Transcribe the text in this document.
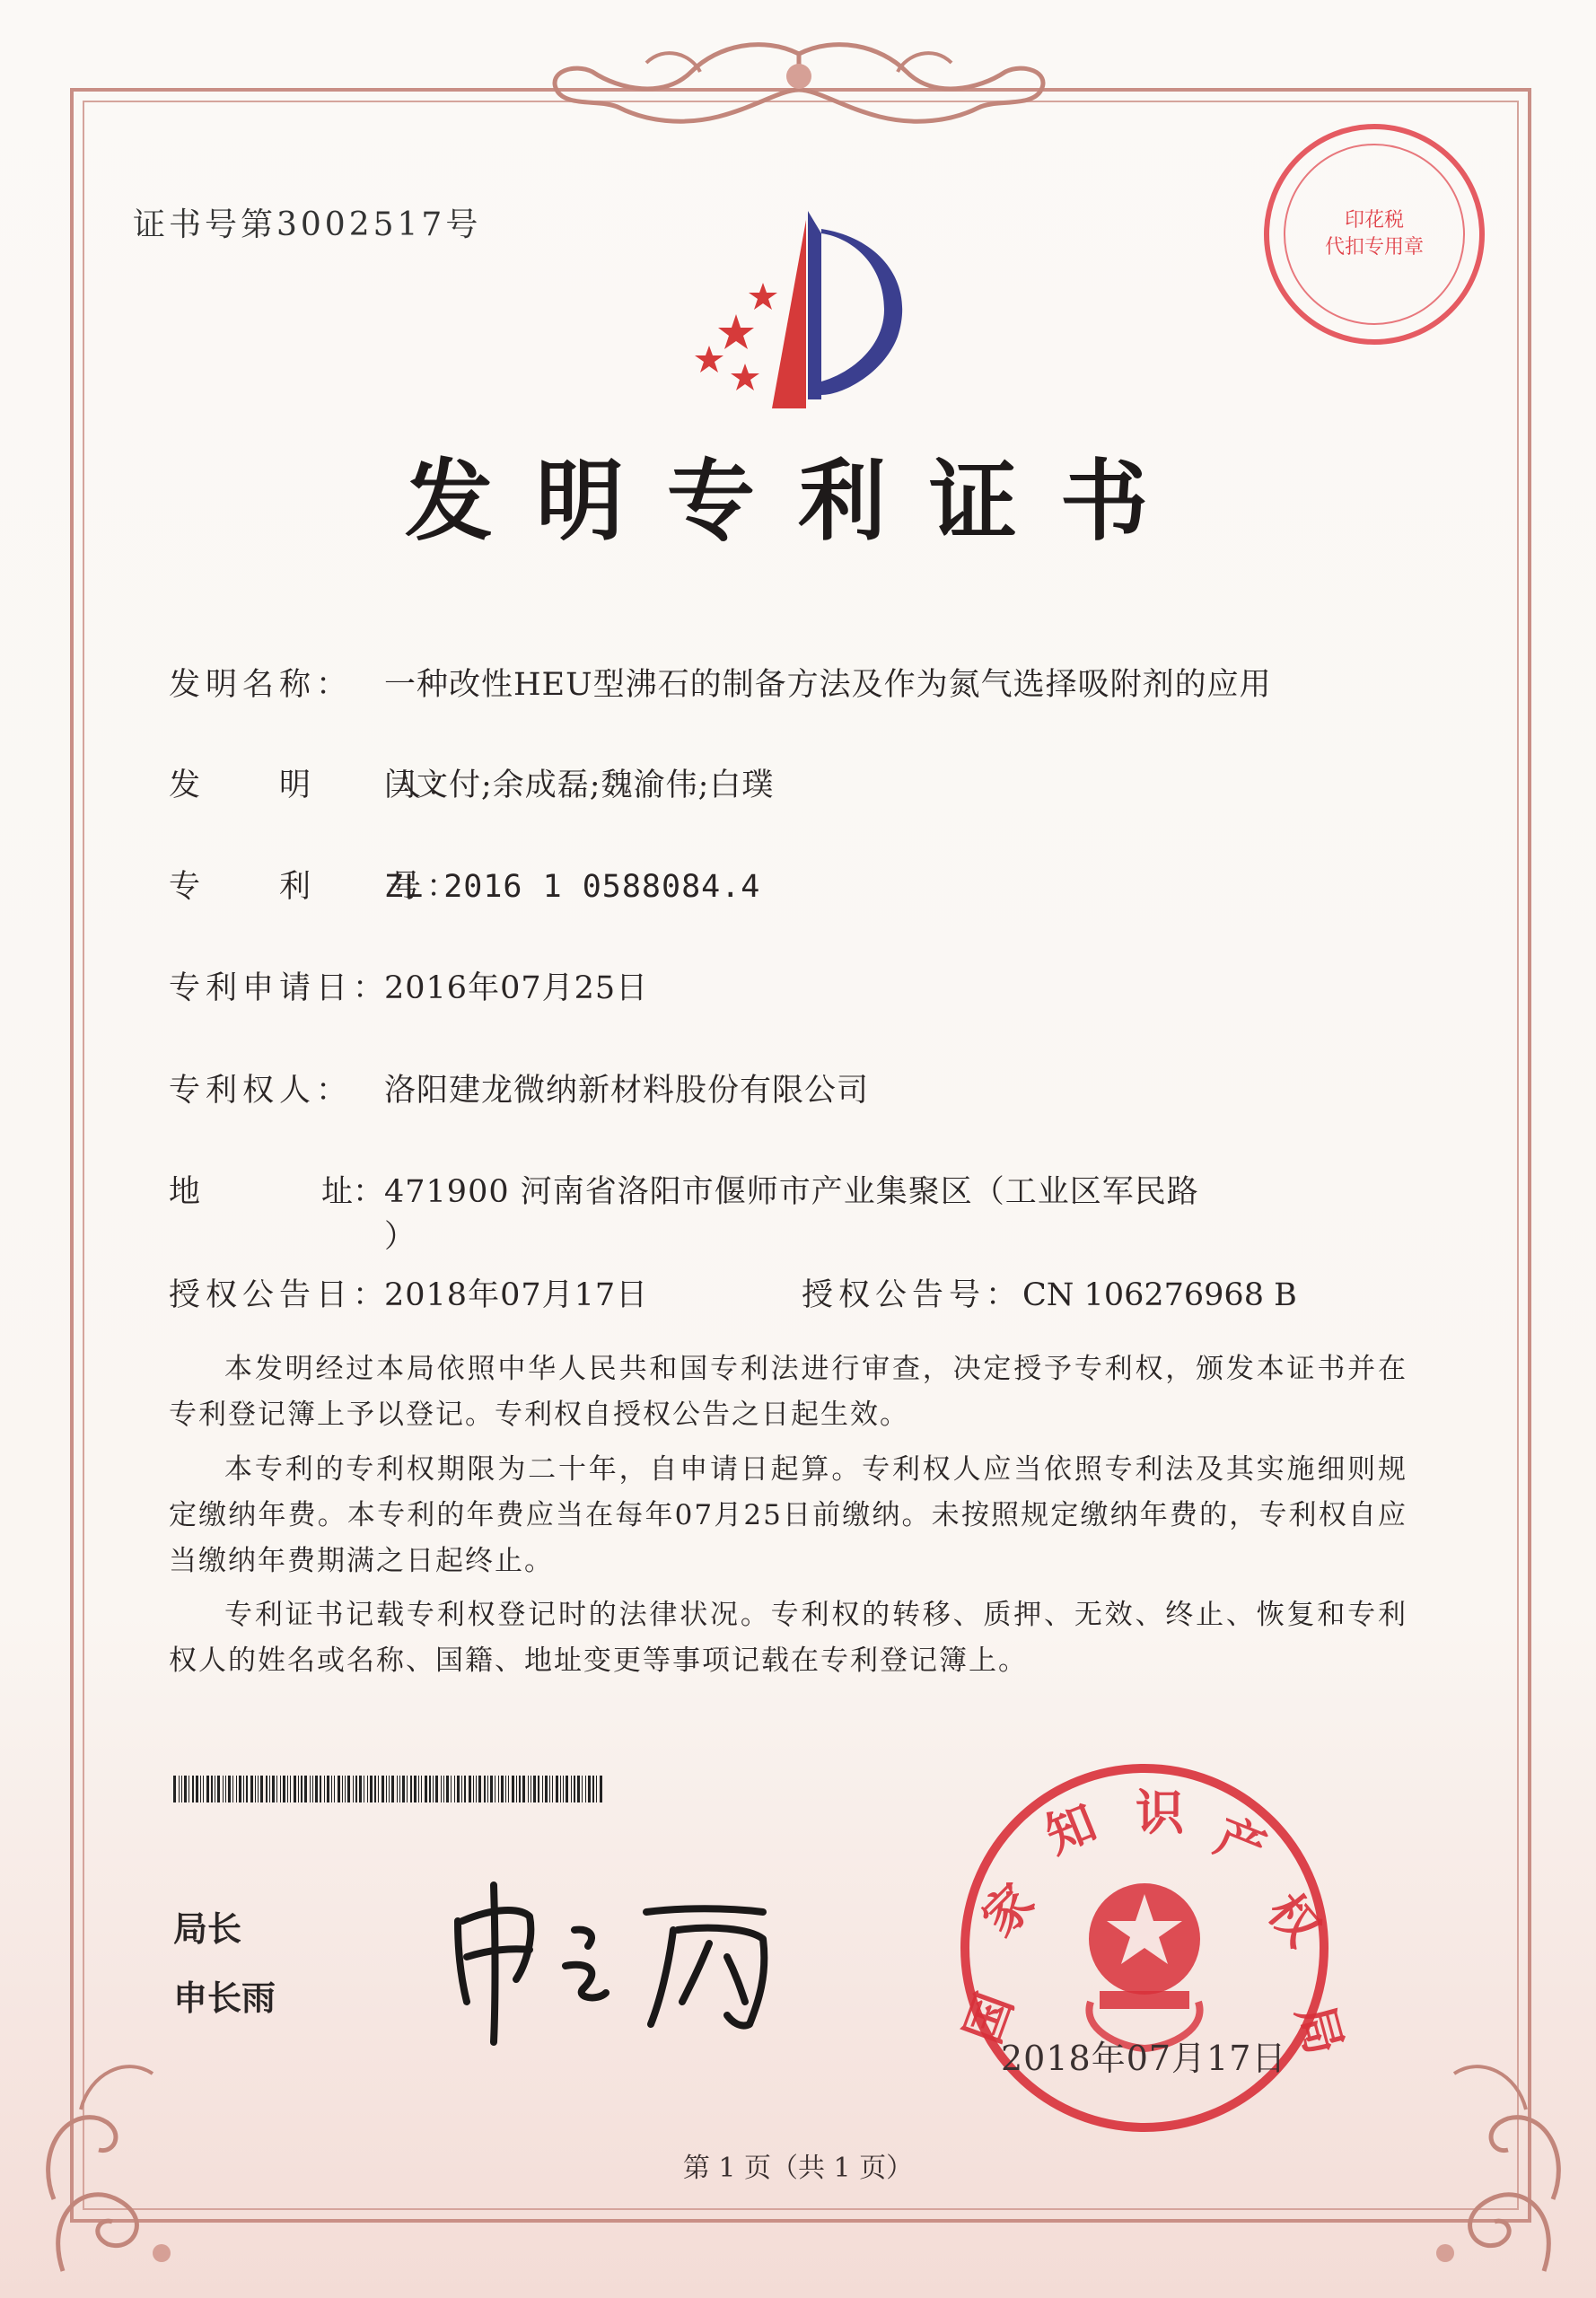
证书号第3002517号	印花税
代扣专用章
发明专利证书
发明名称： 一种改性HEU型沸石的制备方法及作为氮气选择吸附剂的应用
发　　明　　人：闫文付;余成磊;魏渝伟;白璞
专　　利　　号：ZL 2016 1 0588084.4
专利申请日：2016年07月25日
专利权人： 洛阳建龙微纳新材料股份有限公司
地	址：471900 河南省洛阳市偃师市产业集聚区（工业区军民路
）
授权公告日：2018年07月17日	授权公告号：CN 106276968 B
本发明经过本局依照中华人民共和国专利法进行审查，决定授予专利权，颁发本证书并在专利登记簿上予以登记。专利权自授权公告之日起生效。
本专利的专利权期限为二十年，自申请日起算。专利权人应当依照专利法及其实施细则规定缴纳年费。本专利的年费应当在每年07月25日前缴纳。未按照规定缴纳年费的，专利权自应当缴纳年费期满之日起终止。
专利证书记载专利权登记时的法律状况。专利权的转移、质押、无效、终止、恢复和专利权人的姓名或名称、国籍、地址变更等事项记载在专利登记簿上。
局长
申长雨	国
家
知 识 产
权
局
2018年07月17日
第 1 页（共 1 页）
